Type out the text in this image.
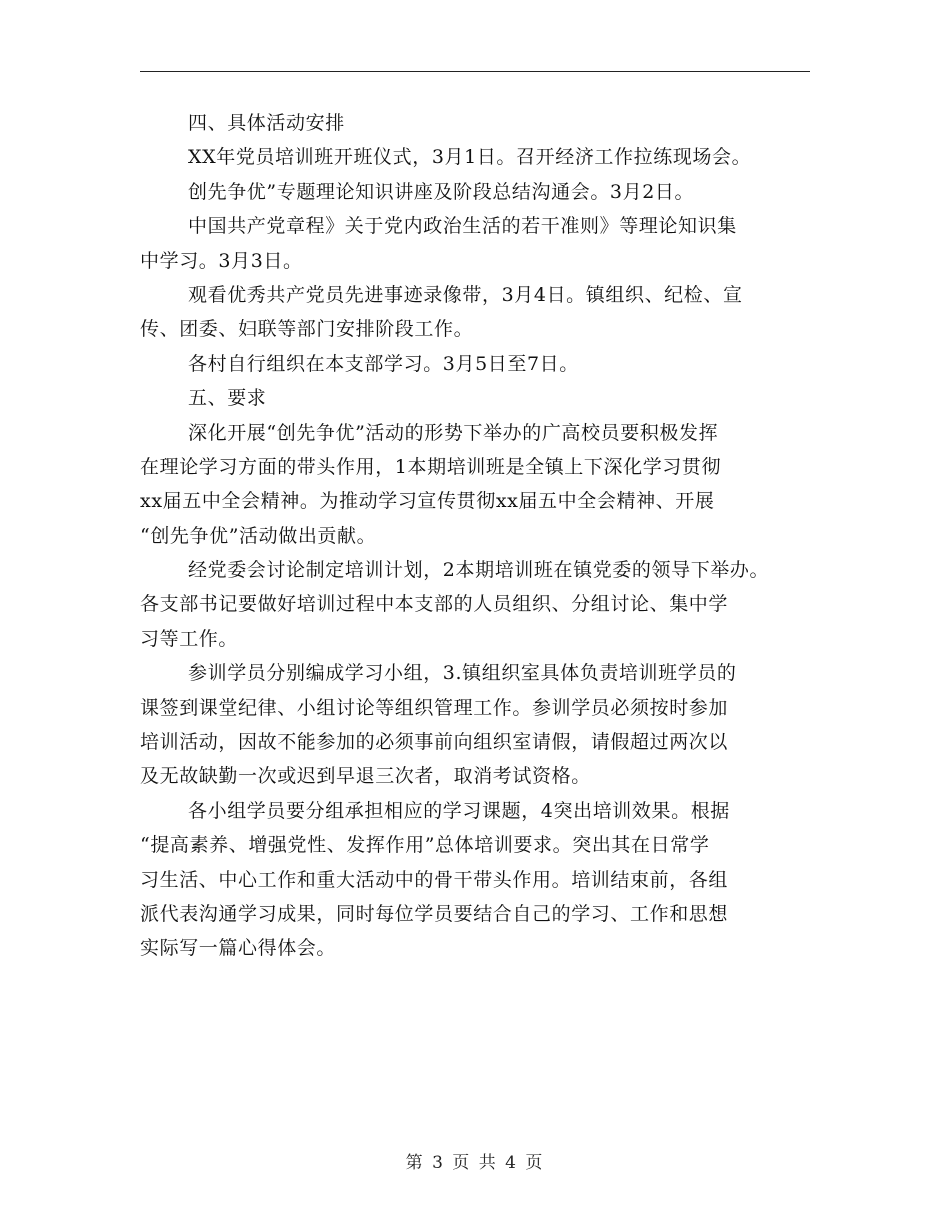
四、具体活动安排
XX年党员培训班开班仪式，3月1日。召开经济工作拉练现场会。
创先争优”专题理论知识讲座及阶段总结沟通会。3月2日。
中国共产党章程》关于党内政治生活的若干准则》等理论知识集
中学习。3月3日。
观看优秀共产党员先进事迹录像带，3月4日。镇组织、纪检、宣
传、团委、妇联等部门安排阶段工作。
各村自行组织在本支部学习。3月5日至7日。
五、要求
深化开展“创先争优”活动的形势下举办的广高校员要积极发挥
在理论学习方面的带头作用，1本期培训班是全镇上下深化学习贯彻
xx届五中全会精神。为推动学习宣传贯彻xx届五中全会精神、开展
“创先争优”活动做出贡献。
经党委会讨论制定培训计划，2本期培训班在镇党委的领导下举办。
各支部书记要做好培训过程中本支部的人员组织、分组讨论、集中学
习等工作。
参训学员分别编成学习小组，3.镇组织室具体负责培训班学员的
课签到课堂纪律、小组讨论等组织管理工作。参训学员必须按时参加
培训活动，因故不能参加的必须事前向组织室请假，请假超过两次以
及无故缺勤一次或迟到早退三次者，取消考试资格。
各小组学员要分组承担相应的学习课题，4突出培训效果。根据
“提高素养、增强党性、发挥作用”总体培训要求。突出其在日常学
习生活、中心工作和重大活动中的骨干带头作用。培训结束前，各组
派代表沟通学习成果，同时每位学员要结合自己的学习、工作和思想
实际写一篇心得体会。
第 3 页 共 4 页
